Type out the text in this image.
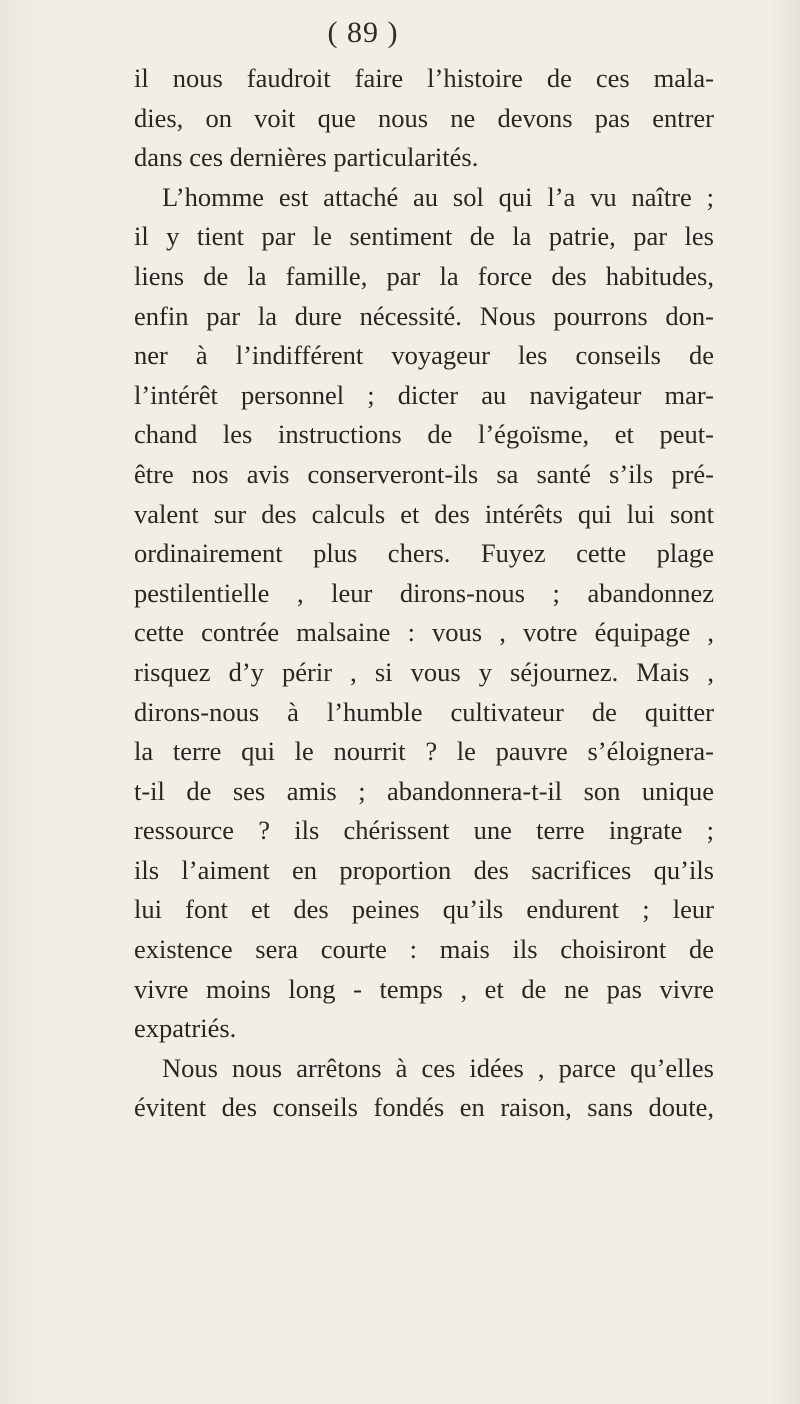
( 89 )
il nous faudroit faire l’histoire de ces mala-
dies, on voit que nous ne devons pas entrer
dans ces dernières particularités.
L’homme est attaché au sol qui l’a vu naître ;
il y tient par le sentiment de la patrie, par les
liens de la famille, par la force des habitudes,
enfin par la dure nécessité. Nous pourrons don-
ner à l’indifférent voyageur les conseils de
l’intérêt personnel ; dicter au navigateur mar-
chand les instructions de l’égoïsme, et peut-
être nos avis conserveront-ils sa santé s’ils pré-
valent sur des calculs et des intérêts qui lui sont
ordinairement plus chers. Fuyez cette plage
pestilentielle , leur dirons-nous ; abandonnez
cette contrée malsaine : vous , votre équipage ,
risquez d’y périr , si vous y séjournez. Mais ,
dirons-nous à l’humble cultivateur de quitter
la terre qui le nourrit ? le pauvre s’éloignera-
t-il de ses amis ; abandonnera-t-il son unique
ressource ? ils chérissent une terre ingrate ;
ils l’aiment en proportion des sacrifices qu’ils
lui font et des peines qu’ils endurent ; leur
existence sera courte : mais ils choisiront de
vivre moins long - temps , et de ne pas vivre
expatriés.
Nous nous arrêtons à ces idées , parce qu’elles
évitent des conseils fondés en raison, sans doute,
